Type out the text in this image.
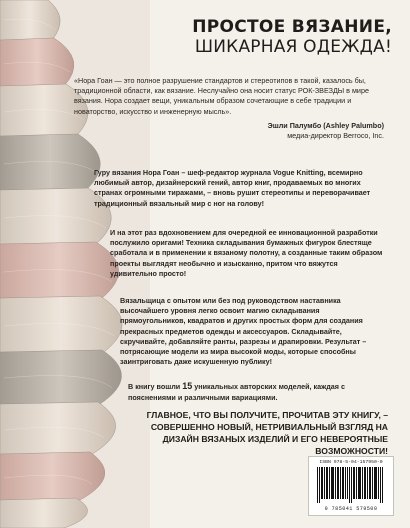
ПРОСТОЕ ВЯЗАНИЕ,
ШИКАРНАЯ ОДЕЖДА!

«Нора Гоан — это полное разрушение стандартов и стереотипов в такой, казалось бы, традиционной области, как вязание. Неслучайно она носит статус РОК-ЗВЕЗДЫ в мире вязания. Нора создает вещи, уникальным образом сочетающие в себе традиции и новаторство, искусство и инженерную мысль».

Эшли Палумбо (Ashley Palumbo)
медиа-директор Berroco, Inc.

Гуру вязания Нора Гоан – шеф-редактор журнала Vogue Knitting, всемирно любимый автор, дизайнерский гений, автор книг, продаваемых во многих странах огромными тиражами, – вновь рушит стереотипы и переворачивает традиционный вязальный мир с ног на голову!

И на этот раз вдохновением для очередной ее инновационной разработки послужило оригами! Техника складывания бумажных фигурок блестяще сработала и в применении к вязаному полотну, а созданные таким образом проекты выглядят необычно и изысканно, притом что вяжутся удивительно просто!

Вязальщица с опытом или без под руководством наставника высочайшего уровня легко освоит магию складывания прямоугольников, квадратов и других простых форм для создания прекрасных предметов одежды и аксессуаров. Складывайте, скручивайте, добавляйте ранты, разрезы и драпировки. Результат – потрясающие модели из мира высокой моды, которые способны заинтриговать даже искушенную публику!

В книгу вошли 15 уникальных авторских моделей, каждая с пояснениями и различными вариациями.

ГЛАВНОЕ, ЧТО ВЫ ПОЛУЧИТЕ, ПРОЧИТАВ ЭТУ КНИГУ, – СОВЕРШЕННО НОВЫЙ, НЕТРИВИАЛЬНЫЙ ВЗГЛЯД НА ДИЗАЙН ВЯЗАНЫХ ИЗДЕЛИЙ И ЕГО НЕВЕРОЯТНЫЕ ВОЗМОЖНОСТИ!
ISBN 978-5-04-157950-0
9 785041 579500
